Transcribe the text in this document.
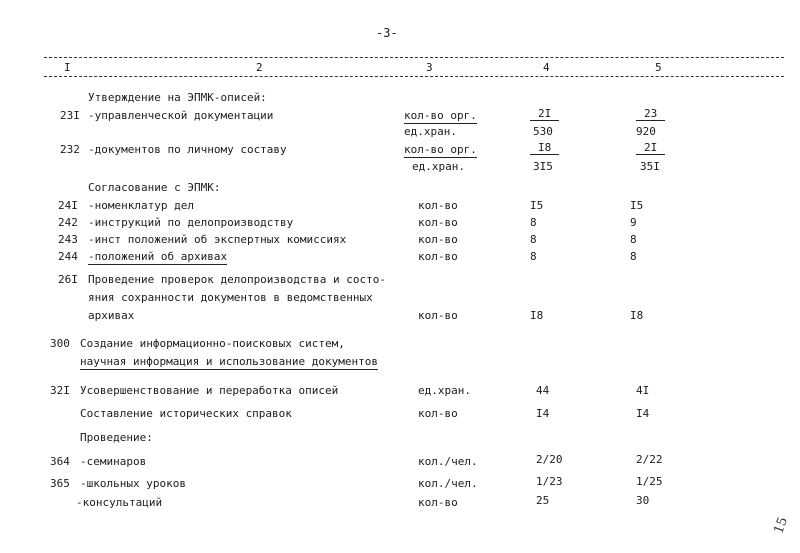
-3-
I	2	3	4	5
Утверждение на ЭПМК-описей:
23I -управленческой документации	кол-во орг.	2I	23
ед.хран.	530	920
232 -документов по личному составу	кол-во орг.	I8	2I
ед.хран.	3I5	35I
Согласование с ЭПМК:
24I -номенклатур дел	кол-во	I5	I5
242 -инструкций по делопроизводству	кол-во	8	9
243 -инст положений об экспертных комиссиях	кол-во	8	8
244 -положений об архивах	кол-во	8	8
26I Проведение проверок делопроизводства и состо-
яния сохранности документов в ведомственных
архивах	кол-во	I8	I8
300 Создание информационно-поисковых систем,
научная информация и использование документов
32I Усовершенствование и переработка описей	ед.хран.	44	4I
Составление исторических справок	кол-во	I4	I4
Проведение:
364 -семинаров	кол./чел.	2/20	2/22
365 -школьных уроков	кол./чел.	1/23	1/25
-консультаций	кол-во	25	30
15
